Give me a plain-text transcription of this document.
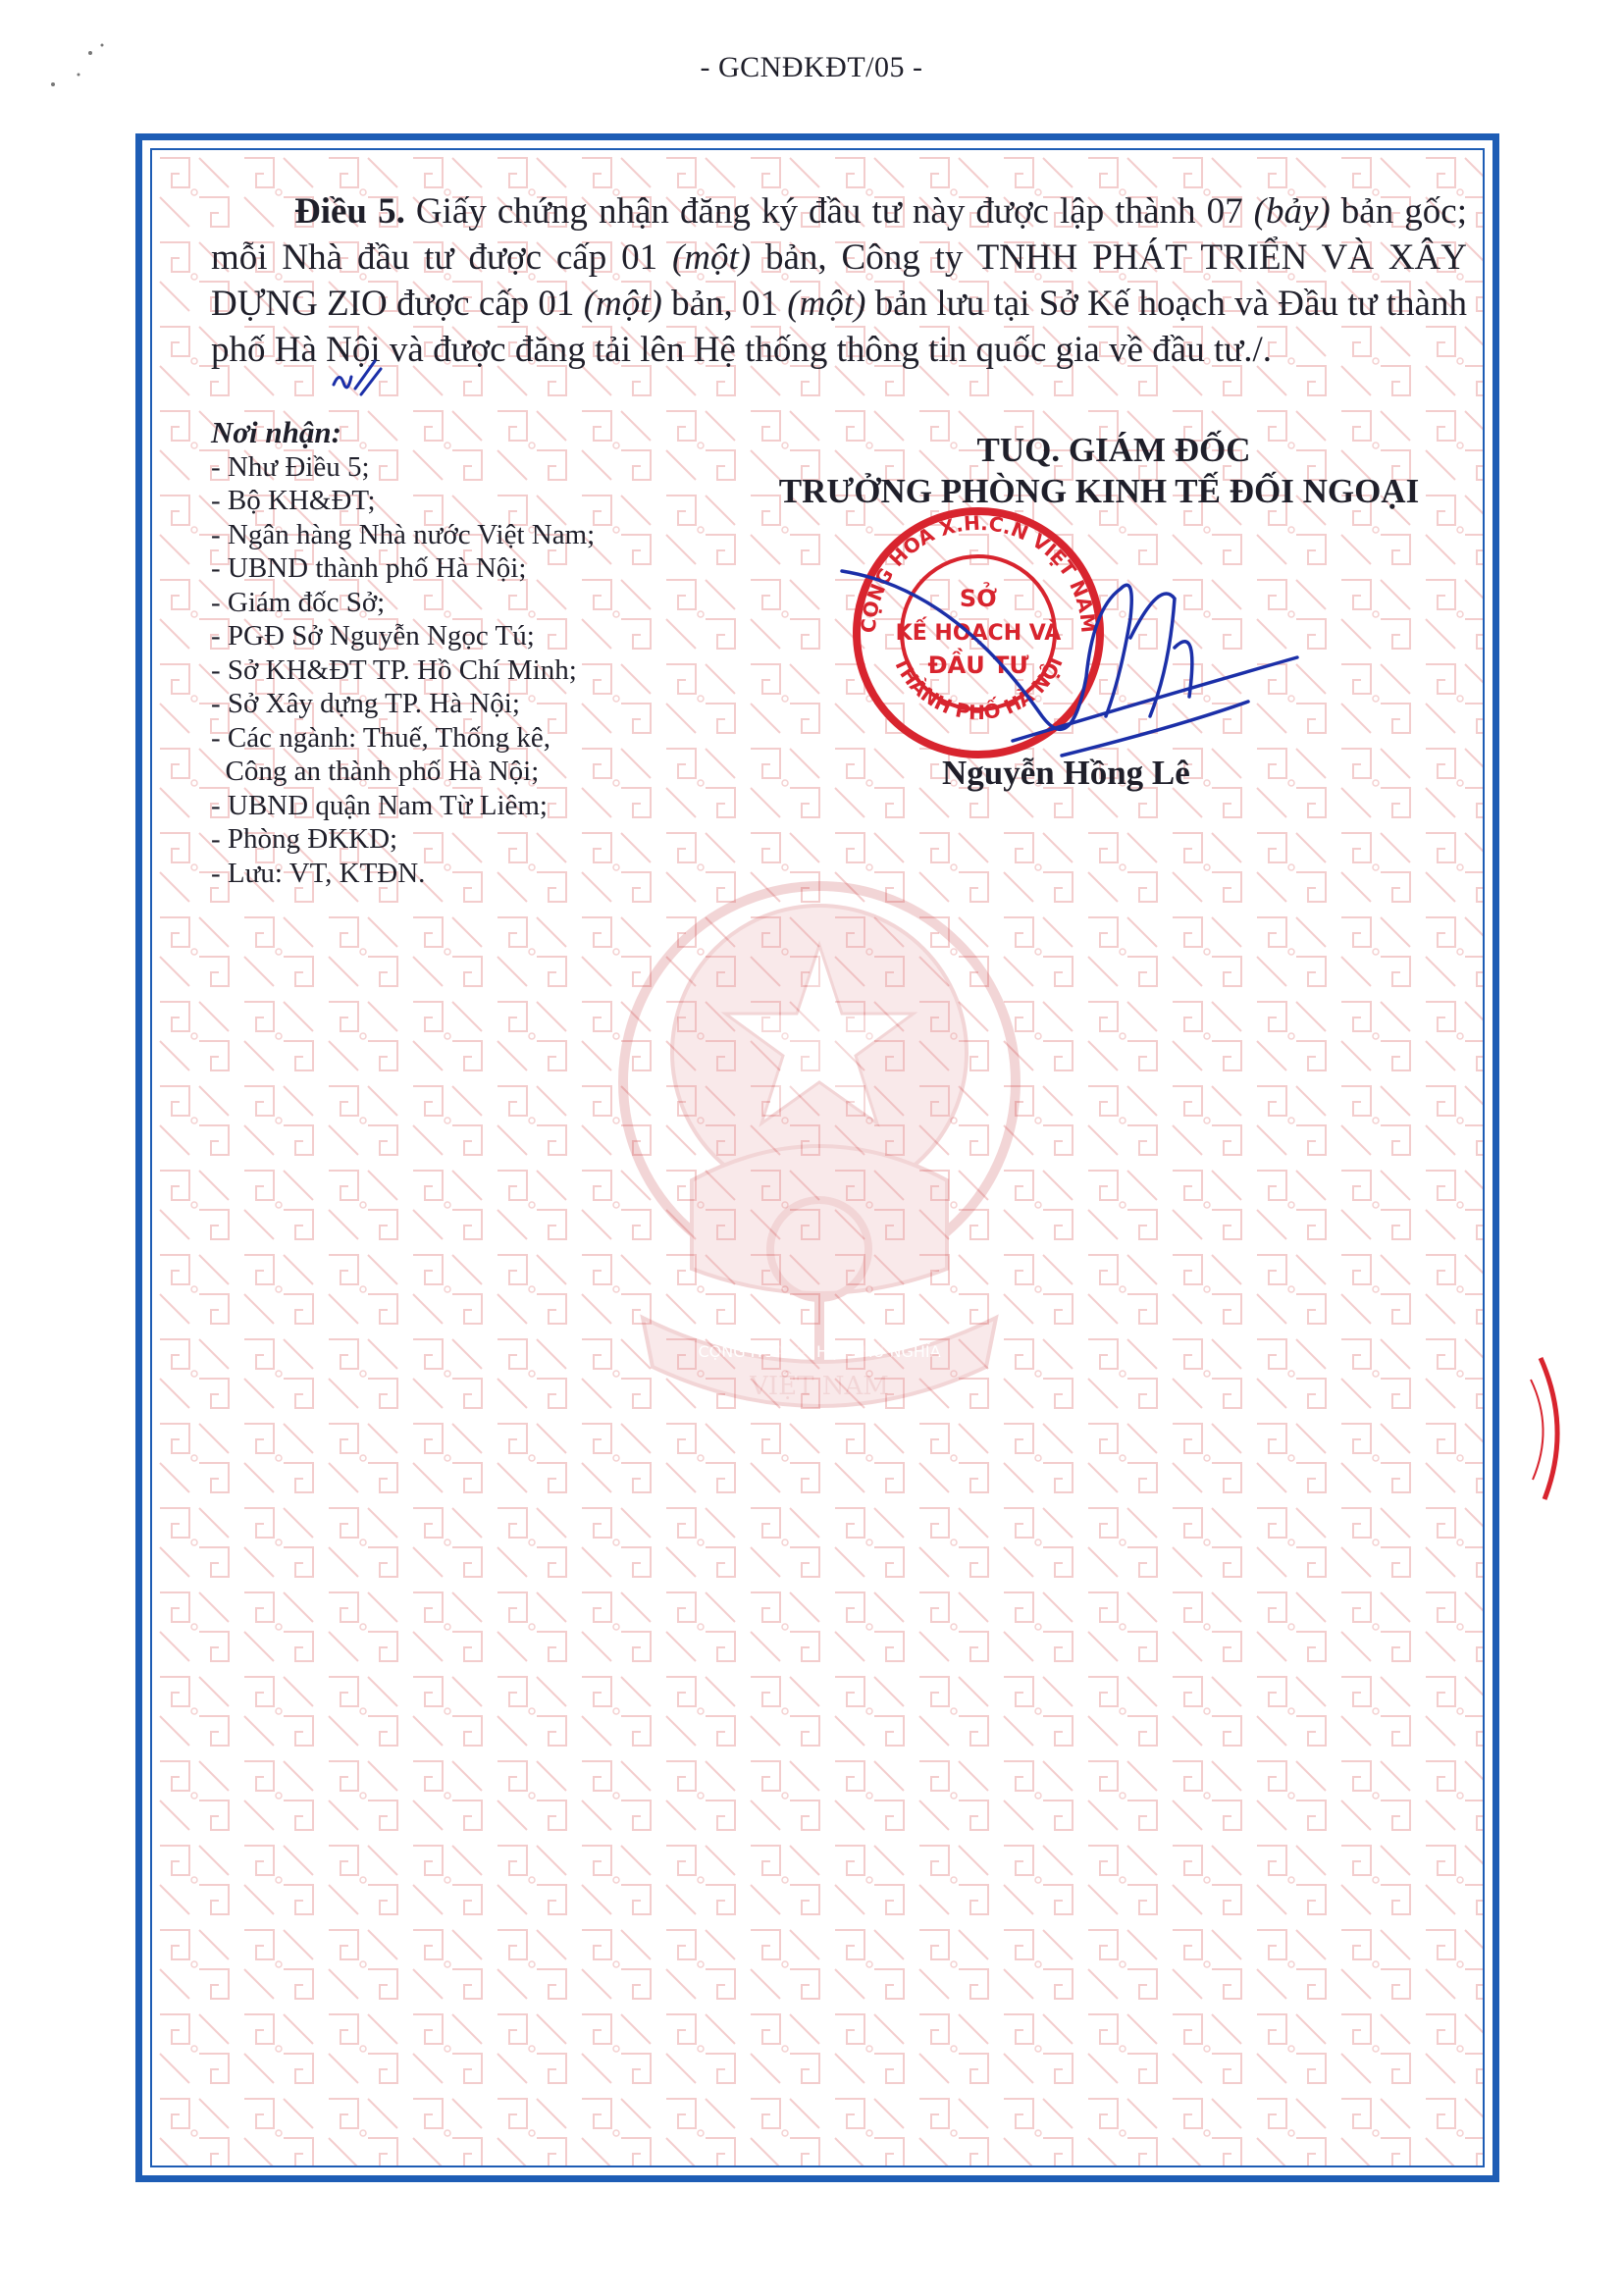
- GCNĐKĐT/05 -
CỘNG HÒA XÃ HỘI CHỦ NGHĨA
VIỆT NAM

Điều 5. Giấy chứng nhận đăng ký đầu tư này được lập thành 07 (bảy) bản gốc; mỗi Nhà đầu tư được cấp 01 (một) bản, Công ty TNHH PHÁT TRIỂN VÀ XÂY DỰNG ZIO được cấp 01 (một) bản, 01 (một) bản lưu tại Sở Kế hoạch và Đầu tư thành phố Hà Nội và được đăng tải lên Hệ thống thông tin quốc gia về đầu tư./.

Nơi nhận:
- Như Điều 5;
- Bộ KH&ĐT;
- Ngân hàng Nhà nước Việt Nam;
- UBND thành phố Hà Nội;
- Giám đốc Sở;
- PGĐ Sở Nguyễn Ngọc Tú;
- Sở KH&ĐT TP. Hồ Chí Minh;
- Sở Xây dựng TP. Hà Nội;
- Các ngành: Thuế, Thống kê,
Công an thành phố Hà Nội;
- UBND quận Nam Từ Liêm;
- Phòng ĐKKD;
- Lưu: VT, KTĐN.
TUQ. GIÁM ĐỐC
TRƯỞNG PHÒNG KINH TẾ ĐỐI NGOẠI
CỘNG HÒA X.H.C.N VIỆT NAM
THÀNH PHỐ HÀ NỘI
SỞ
KẾ HOẠCH VÀ
ĐẦU TƯ
Nguyễn Hồng Lê
